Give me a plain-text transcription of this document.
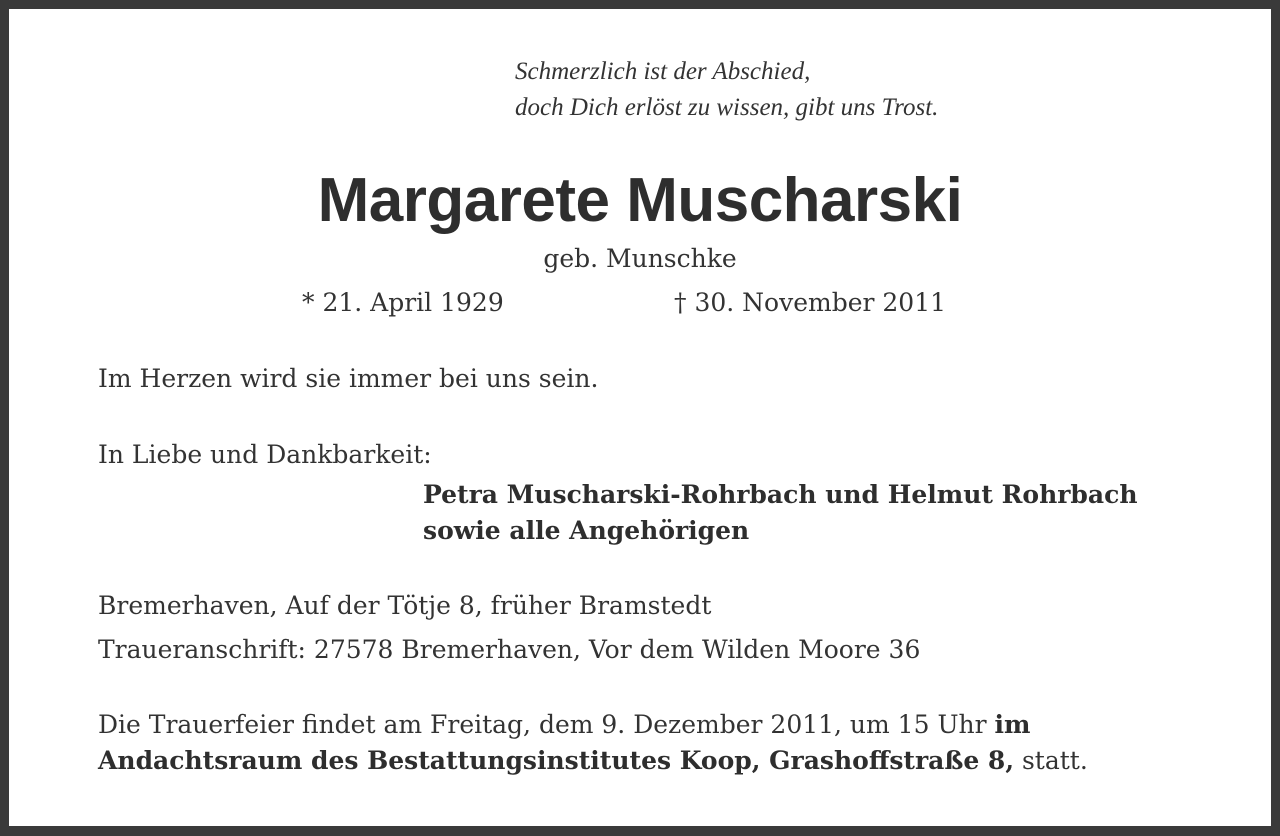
Schmerzlich ist der Abschied,

doch Dich erlöst zu wissen, gibt uns Trost.

Margarete Muscharski

geb. Munschke

* 21. April 1929	† 30. November 2011

Im Herzen wird sie immer bei uns sein.

In Liebe und Dankbarkeit:

Petra Muscharski-Rohrbach und Helmut Rohrbach

sowie alle Angehörigen

Bremerhaven, Auf der Tötje 8, früher Bramstedt

Traueranschrift: 27578 Bremerhaven, Vor dem Wilden Moore 36

Die Trauerfeier findet am Freitag, dem 9. Dezember 2011, um 15 Uhr im

Andachtsraum des Bestattungsinstitutes Koop, Grashoffstraße 8, statt.
